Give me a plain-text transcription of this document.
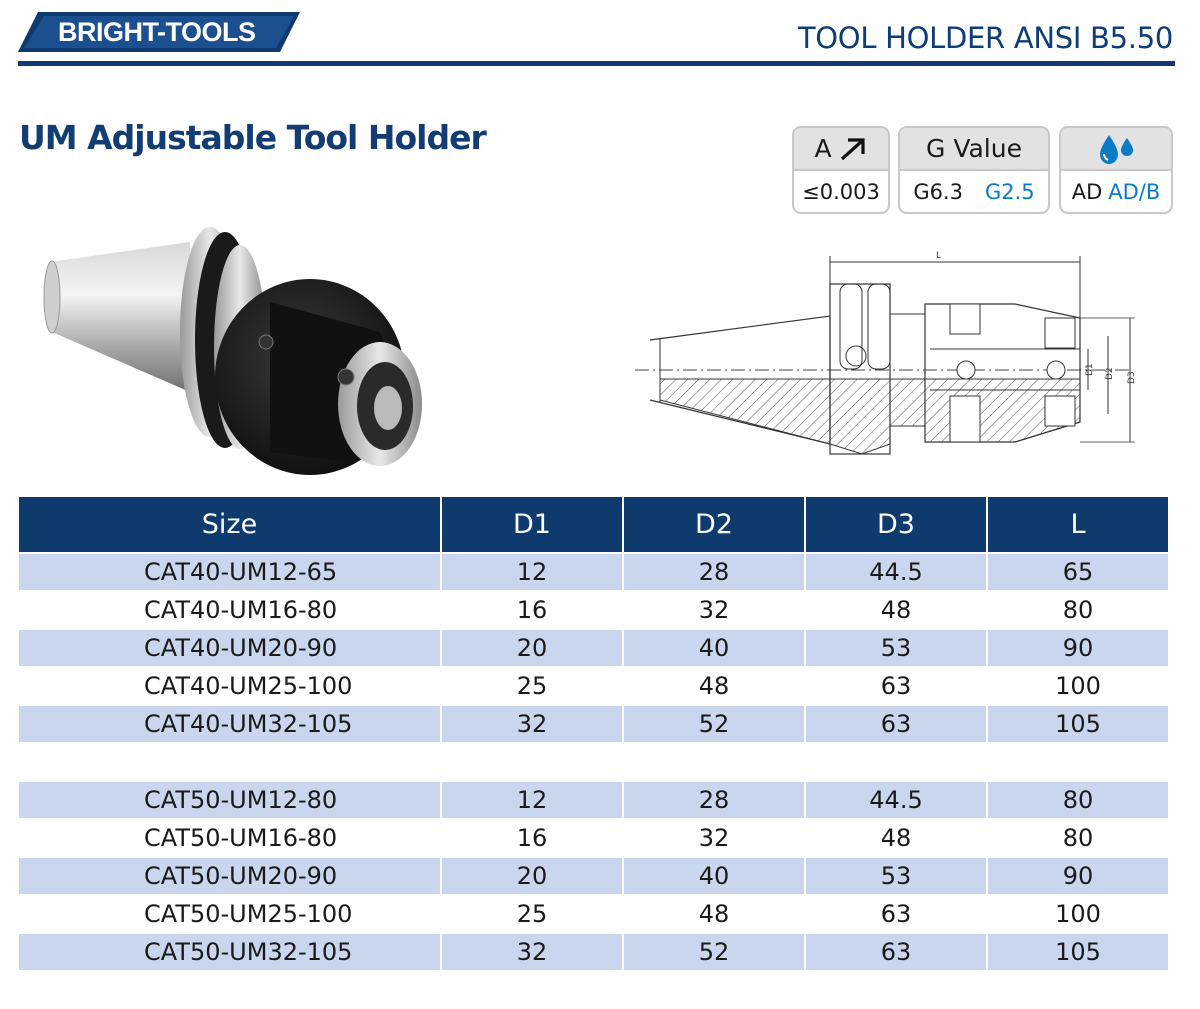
BRIGHT-TOOLS	TOOL HOLDER ANSI B5.50
UM Adjustable Tool Holder	A
≤0.003
G Value
G6.3 G2.5 AD AD/B
L
D1 D2 D3
Size	D1	D2	D3	L
CAT40-UM12-65	12	28	44.5	65
CAT40-UM16-80	16	32	48	80
CAT40-UM20-90	20	40	53	90
CAT40-UM25-100	25	48	63	100
CAT40-UM32-105	32	52	63	105

CAT50-UM12-80	12	28	44.5	80
CAT50-UM16-80	16	32	48	80
CAT50-UM20-90	20	40	53	90
CAT50-UM25-100	25	48	63	100
CAT50-UM32-105	32	52	63	105
